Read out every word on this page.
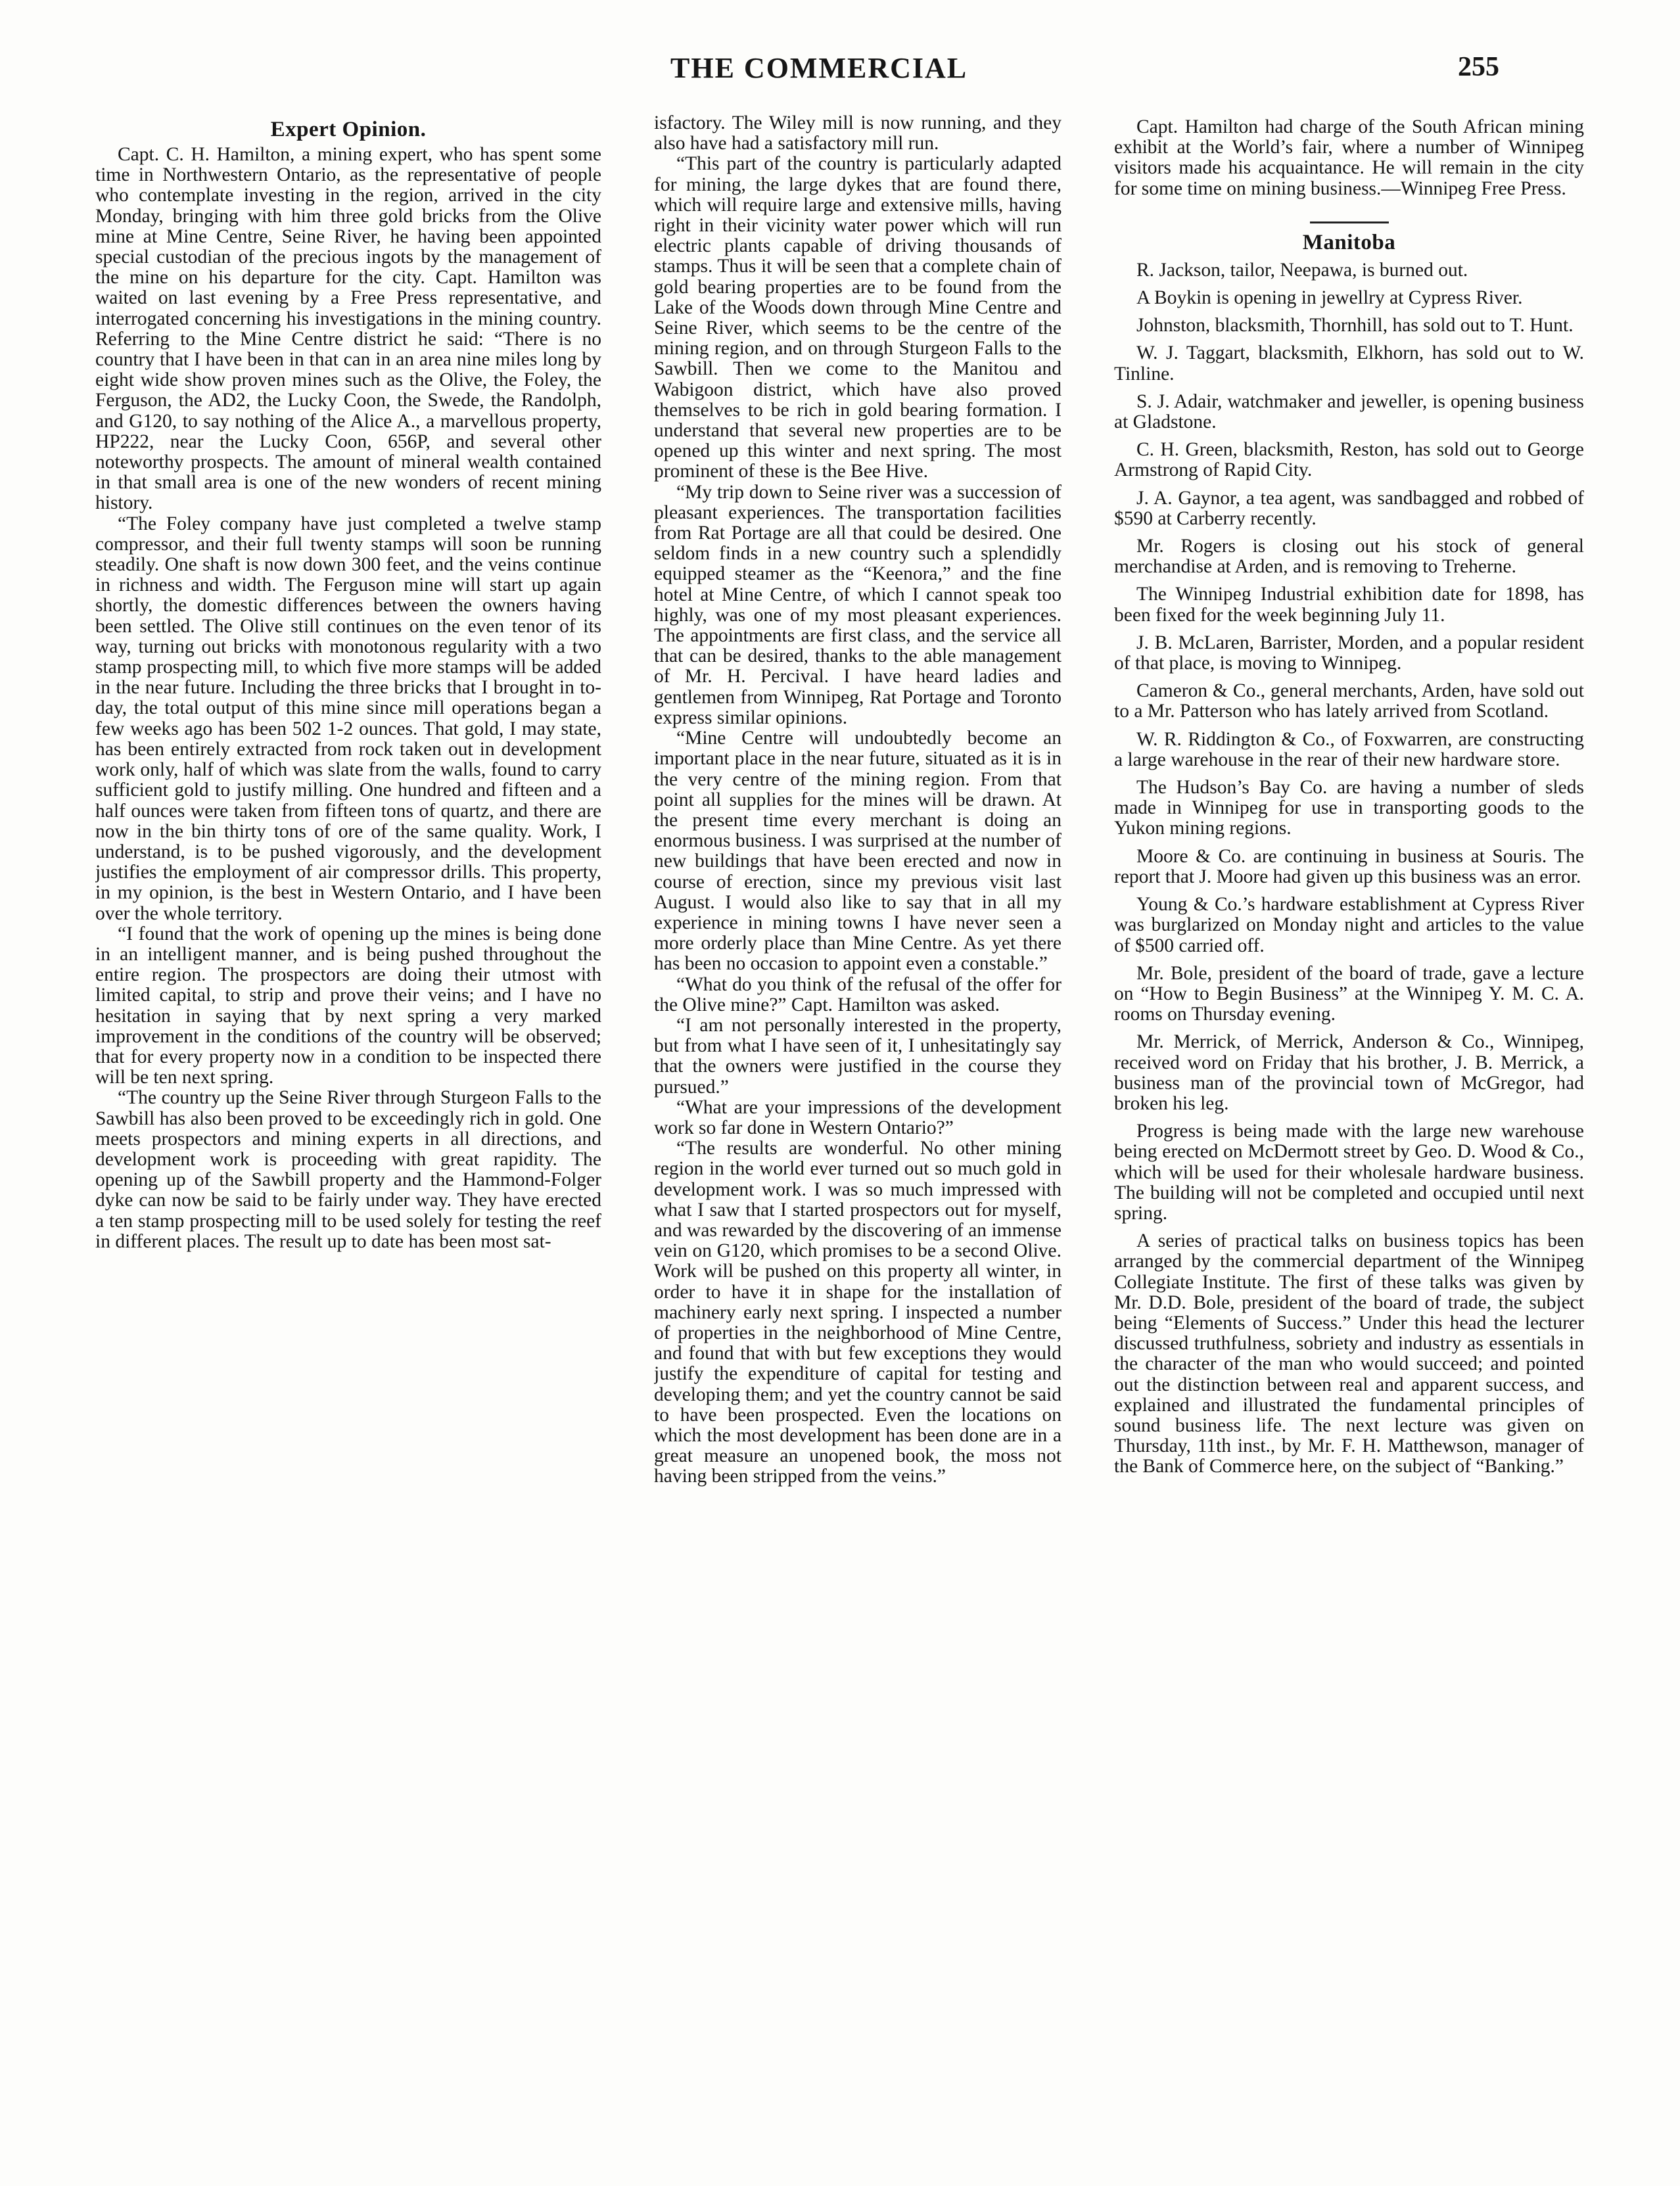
THE COMMERCIAL	255
Expert Opinion.

Capt. C. H. Hamilton, a mining expert, who has spent some time in Northwestern Ontario, as the representative of people who contemplate investing in the region, arrived in the city Monday, bringing with him three gold bricks from the Olive mine at Mine Centre, Seine River, he having been appointed special custodian of the precious ingots by the management of the mine on his departure for the city. Capt. Hamilton was waited on last evening by a Free Press representative, and interrogated concerning his investigations in the mining country. Referring to the Mine Centre district he said: “There is no country that I have been in that can in an area nine miles long by eight wide show proven mines such as the Olive, the Foley, the Ferguson, the AD2, the Lucky Coon, the Swede, the Randolph, and G120, to say nothing of the Alice A., a marvellous property, HP222, near the Lucky Coon, 656P, and several other noteworthy prospects. The amount of mineral wealth contained in that small area is one of the new wonders of recent mining history.

“The Foley company have just completed a twelve stamp compressor, and their full twenty stamps will soon be running steadily. One shaft is now down 300 feet, and the veins continue in richness and width. The Ferguson mine will start up again shortly, the domestic differences between the owners having been settled. The Olive still continues on the even tenor of its way, turning out bricks with monotonous regularity with a two stamp prospecting mill, to which five more stamps will be added in the near future. Including the three bricks that I brought in to-day, the total output of this mine since mill operations began a few weeks ago has been 502 1-2 ounces. That gold, I may state, has been entirely extracted from rock taken out in development work only, half of which was slate from the walls, found to carry sufficient gold to justify milling. One hundred and fifteen and a half ounces were taken from fifteen tons of quartz, and there are now in the bin thirty tons of ore of the same quality. Work, I understand, is to be pushed vigorously, and the development justifies the employment of air compressor drills. This property, in my opinion, is the best in Western Ontario, and I have been over the whole territory.

“I found that the work of opening up the mines is being done in an intelligent manner, and is being pushed throughout the entire region. The prospectors are doing their utmost with limited capital, to strip and prove their veins; and I have no hesitation in saying that by next spring a very marked improvement in the conditions of the country will be observed; that for every property now in a condition to be inspected there will be ten next spring.

“The country up the Seine River through Sturgeon Falls to the Sawbill has also been proved to be exceedingly rich in gold. One meets prospectors and mining experts in all directions, and development work is proceeding with great rapidity. The opening up of the Sawbill property and the Hammond-Folger dyke can now be said to be fairly under way. They have erected a ten stamp prospecting mill to be used solely for testing the reef in different places. The result up to date has been most sat-

isfactory. The Wiley mill is now running, and they also have had a satisfactory mill run.

“This part of the country is particularly adapted for mining, the large dykes that are found there, which will require large and extensive mills, having right in their vicinity water power which will run electric plants capable of driving thousands of stamps. Thus it will be seen that a complete chain of gold bearing properties are to be found from the Lake of the Woods down through Mine Centre and Seine River, which seems to be the centre of the mining region, and on through Sturgeon Falls to the Sawbill. Then we come to the Manitou and Wabigoon district, which have also proved themselves to be rich in gold bearing formation. I understand that several new properties are to be opened up this winter and next spring. The most prominent of these is the Bee Hive.

“My trip down to Seine river was a succession of pleasant experiences. The transportation facilities from Rat Portage are all that could be desired. One seldom finds in a new country such a splendidly equipped steamer as the “Keenora,” and the fine hotel at Mine Centre, of which I cannot speak too highly, was one of my most pleasant experiences. The appointments are first class, and the service all that can be desired, thanks to the able management of Mr. H. Percival. I have heard ladies and gentlemen from Winnipeg, Rat Portage and Toronto express similar opinions.

“Mine Centre will undoubtedly become an important place in the near future, situated as it is in the very centre of the mining region. From that point all supplies for the mines will be drawn. At the present time every merchant is doing an enormous business. I was surprised at the number of new buildings that have been erected and now in course of erection, since my previous visit last August. I would also like to say that in all my experience in mining towns I have never seen a more orderly place than Mine Centre. As yet there has been no occasion to appoint even a constable.”

“What do you think of the refusal of the offer for the Olive mine?” Capt. Hamilton was asked.

“I am not personally interested in the property, but from what I have seen of it, I unhesitatingly say that the owners were justified in the course they pursued.”

“What are your impressions of the development work so far done in Western Ontario?”

“The results are wonderful. No other mining region in the world ever turned out so much gold in development work. I was so much impressed with what I saw that I started prospectors out for myself, and was rewarded by the discovering of an immense vein on G120, which promises to be a second Olive. Work will be pushed on this property all winter, in order to have it in shape for the installation of machinery early next spring. I inspected a number of properties in the neighborhood of Mine Centre, and found that with but few exceptions they would justify the expenditure of capital for testing and developing them; and yet the country cannot be said to have been prospected. Even the locations on which the most development has been done are in a great measure an unopened book, the moss not having been stripped from the veins.”

Capt. Hamilton had charge of the South African mining exhibit at the World’s fair, where a number of Winnipeg visitors made his acquaintance. He will remain in the city for some time on mining business.—Winnipeg Free Press.

Manitoba

R. Jackson, tailor, Neepawa, is burned out.

A Boykin is opening in jewellry at Cypress River.

Johnston, blacksmith, Thornhill, has sold out to T. Hunt.

W. J. Taggart, blacksmith, Elkhorn, has sold out to W. Tinline.

S. J. Adair, watchmaker and jeweller, is opening business at Gladstone.

C. H. Green, blacksmith, Reston, has sold out to George Armstrong of Rapid City.

J. A. Gaynor, a tea agent, was sandbagged and robbed of $590 at Carberry recently.

Mr. Rogers is closing out his stock of general merchandise at Arden, and is removing to Treherne.

The Winnipeg Industrial exhibition date for 1898, has been fixed for the week beginning July 11.

J. B. McLaren, Barrister, Morden, and a popular resident of that place, is moving to Winnipeg.

Cameron & Co., general merchants, Arden, have sold out to a Mr. Patterson who has lately arrived from Scotland.

W. R. Riddington & Co., of Foxwarren, are constructing a large warehouse in the rear of their new hardware store.

The Hudson’s Bay Co. are having a number of sleds made in Winnipeg for use in transporting goods to the Yukon mining regions.

Moore & Co. are continuing in business at Souris. The report that J. Moore had given up this business was an error.

Young & Co.’s hardware establishment at Cypress River was burglarized on Monday night and articles to the value of $500 carried off.

Mr. Bole, president of the board of trade, gave a lecture on “How to Begin Business” at the Winnipeg Y. M. C. A. rooms on Thursday evening.

Mr. Merrick, of Merrick, Anderson & Co., Winnipeg, received word on Friday that his brother, J. B. Merrick, a business man of the provincial town of McGregor, had broken his leg.

Progress is being made with the large new warehouse being erected on McDermott street by Geo. D. Wood & Co., which will be used for their wholesale hardware business. The building will not be completed and occupied until next spring.

A series of practical talks on business topics has been arranged by the commercial department of the Winnipeg Collegiate Institute. The first of these talks was given by Mr. D.D. Bole, president of the board of trade, the subject being “Elements of Success.” Under this head the lecturer discussed truthfulness, sobriety and industry as essentials in the character of the man who would succeed; and pointed out the distinction between real and apparent success, and explained and illustrated the fundamental principles of sound business life. The next lecture was given on Thursday, 11th inst., by Mr. F. H. Matthewson, manager of the Bank of Commerce here, on the subject of “Banking.”
